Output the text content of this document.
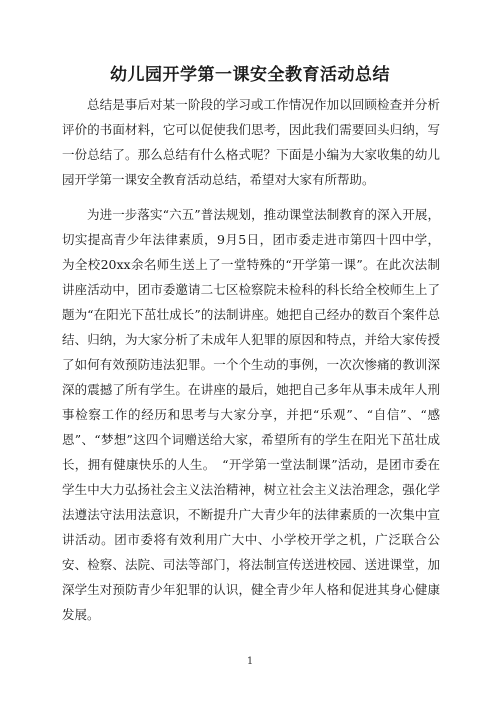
幼儿园开学第一课安全教育活动总结

总结是事后对某一阶段的学习或工作情况作加以回顾检查并分析评价的书面材料，它可以促使我们思考，因此我们需要回头归纳，写一份总结了。那么总结有什么格式呢？下面是小编为大家收集的幼儿园开学第一课安全教育活动总结，希望对大家有所帮助。

为进一步落实“六五”普法规划，推动课堂法制教育的深入开展，切实提高青少年法律素质，9月5日，团市委走进市第四十四中学，为全校20xx余名师生送上了一堂特殊的“开学第一课”。在此次法制讲座活动中，团市委邀请二七区检察院未检科的科长给全校师生上了题为“在阳光下茁壮成长”的法制讲座。她把自己经办的数百个案件总结、归纳，为大家分析了未成年人犯罪的原因和特点，并给大家传授了如何有效预防违法犯罪。一个个生动的事例，一次次惨痛的教训深深的震撼了所有学生。在讲座的最后，她把自己多年从事未成年人刑事检察工作的经历和思考与大家分享，并把“乐观”、“自信”、“感恩”、“梦想”这四个词赠送给大家，希望所有的学生在阳光下茁壮成长，拥有健康快乐的人生。　“开学第一堂法制课”活动，是团市委在学生中大力弘扬社会主义法治精神，树立社会主义法治理念，强化学法遵法守法用法意识，不断提升广大青少年的法律素质的一次集中宣讲活动。团市委将有效利用广大中、小学校开学之机，广泛联合公安、检察、法院、司法等部门，将法制宣传送进校园、送进课堂，加深学生对预防青少年犯罪的认识，健全青少年人格和促进其身心健康发展。

1
